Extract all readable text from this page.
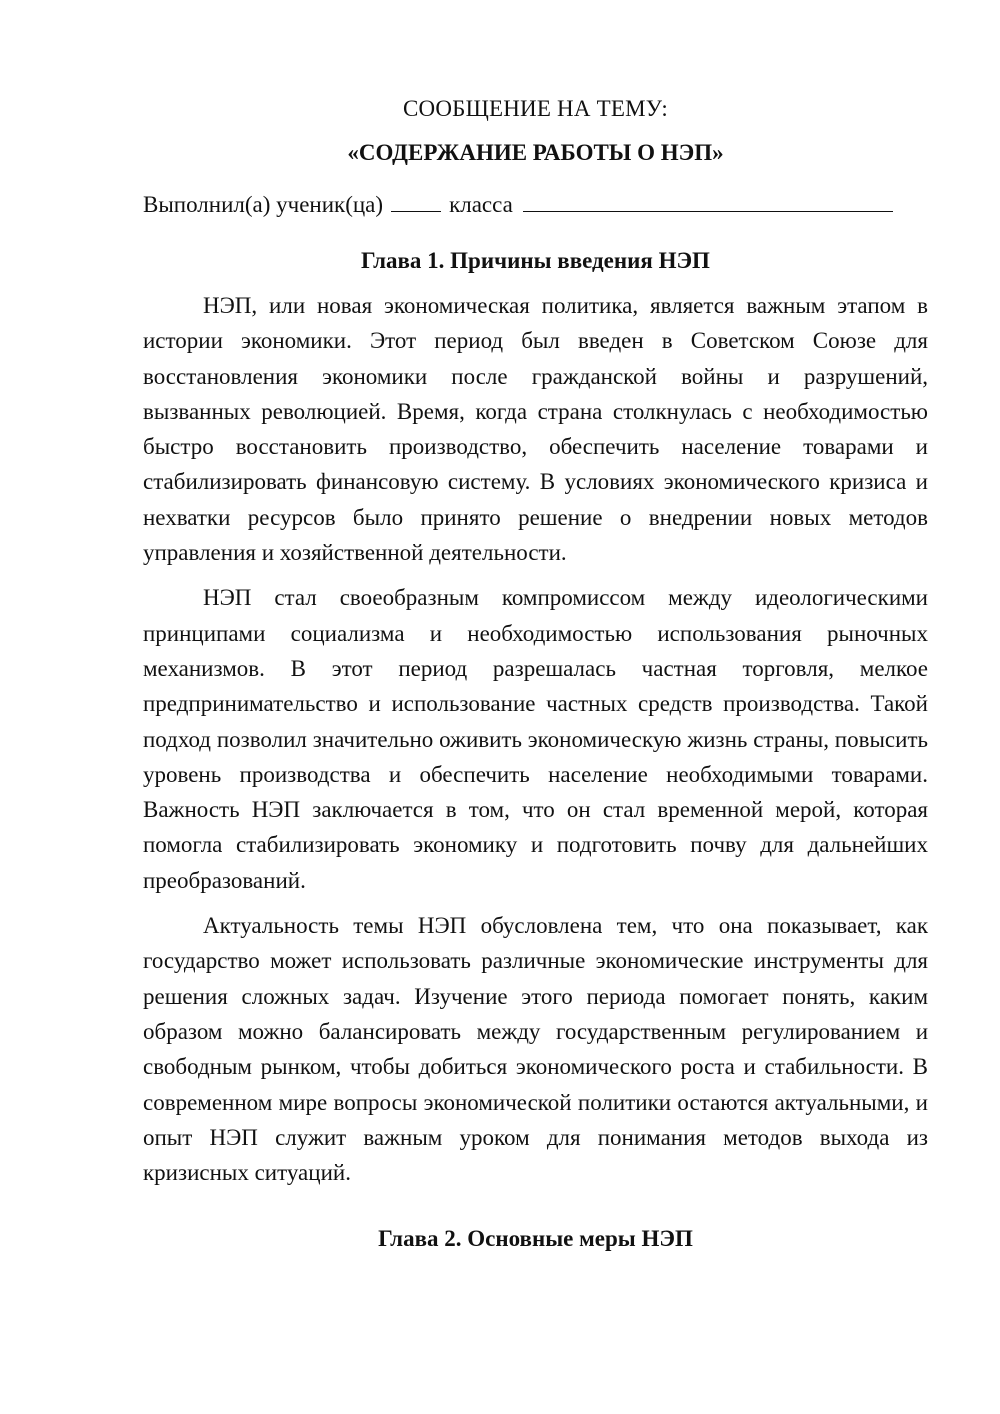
СООБЩЕНИЕ НА ТЕМУ:
«СОДЕРЖАНИЕ РАБОТЫ О НЭП»
Выполнил(а) ученик(ца)	класса
Глава 1. Причины введения НЭП

НЭП, или новая экономическая политика, является важным этапом в истории экономики. Этот период был введен в Советском Союзе для восстановления экономики после гражданской войны и разрушений, вызванных революцией. Время, когда страна столкнулась с необходимостью быстро восстановить производство, обеспечить население товарами и стабилизировать финансовую систему. В условиях экономического кризиса и нехватки ресурсов было принято решение о внедрении новых методов управления и хозяйственной деятельности.

НЭП стал своеобразным компромиссом между идеологическими принципами социализма и необходимостью использования рыночных механизмов. В этот период разрешалась частная торговля, мелкое предпринимательство и использование частных средств производства. Такой подход позволил значительно оживить экономическую жизнь страны, повысить уровень производства и обеспечить население необходимыми товарами. Важность НЭП заключается в том, что он стал временной мерой, которая помогла стабилизировать экономику и подготовить почву для дальнейших преобразований.

Актуальность темы НЭП обусловлена тем, что она показывает, как государство может использовать различные экономические инструменты для решения сложных задач. Изучение этого периода помогает понять, каким образом можно балансировать между государственным регулированием и свободным рынком, чтобы добиться экономического роста и стабильности. В современном мире вопросы экономической политики остаются актуальными, и опыт НЭП служит важным уроком для понимания методов выхода из кризисных ситуаций.

Глава 2. Основные меры НЭП
